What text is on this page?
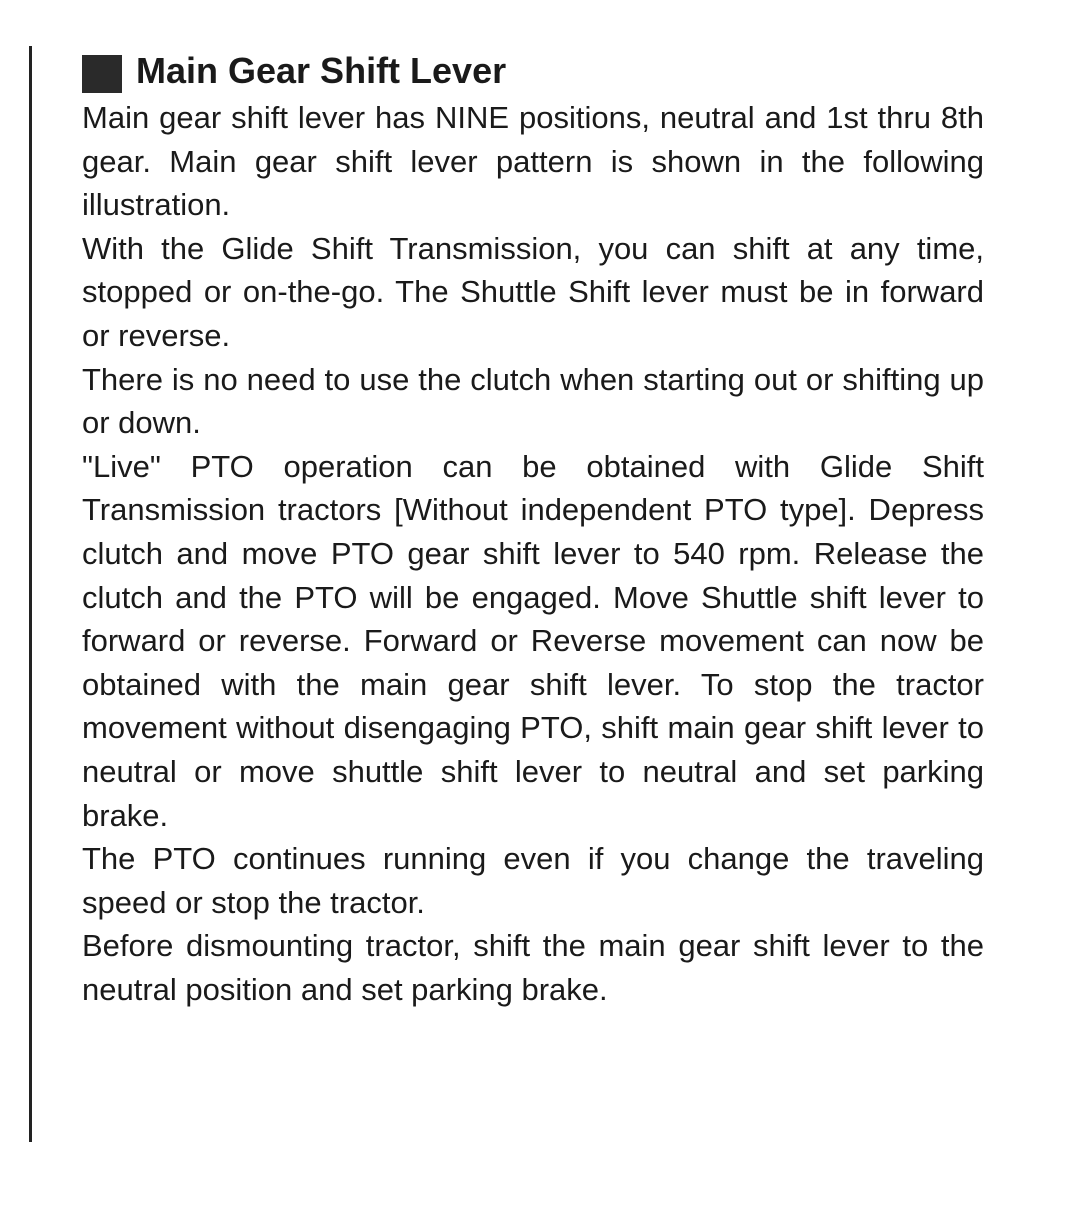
Main Gear Shift Lever

Main gear shift lever has NINE positions, neutral and 1st thru 8th gear. Main gear shift lever pattern is shown in the following illustration.

With the Glide Shift Transmission, you can shift at any time, stopped or on-the-go. The Shuttle Shift lever must be in forward or reverse.

There is no need to use the clutch when starting out or shifting up or down.

"Live" PTO operation can be obtained with Glide Shift Transmission tractors [Without independent PTO type]. Depress clutch and move PTO gear shift lever to 540 rpm. Release the clutch and the PTO will be engaged. Move Shuttle shift lever to forward or reverse. Forward or Reverse movement can now be obtained with the main gear shift lever. To stop the tractor movement without disengaging PTO, shift main gear shift lever to neutral or move shuttle shift lever to neutral and set parking brake.

The PTO continues running even if you change the traveling speed or stop the tractor.

Before dismounting tractor, shift the main gear shift lever to the neutral position and set parking brake.
